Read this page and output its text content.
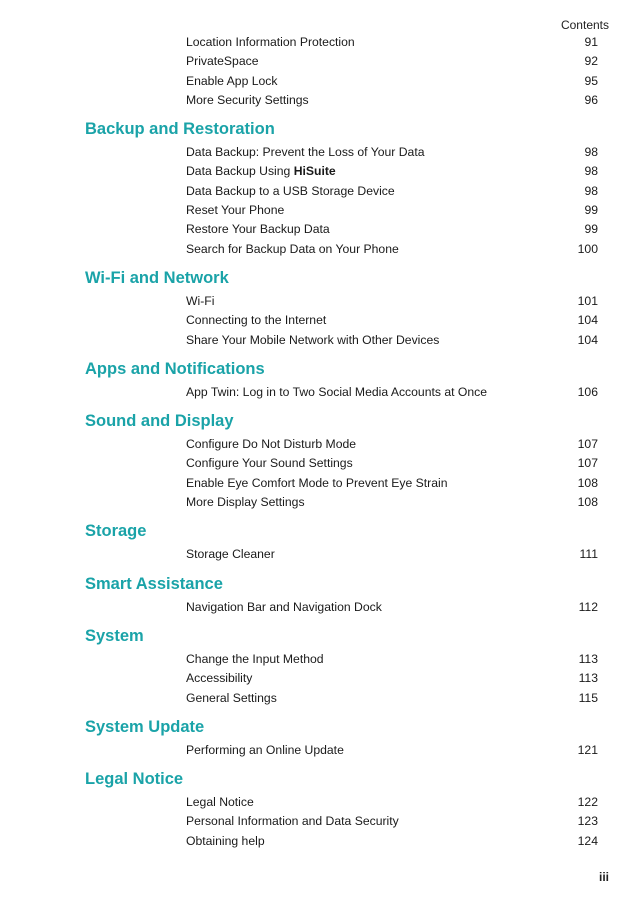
Contents
Location Information Protection	91
PrivateSpace	92
Enable App Lock	95
More Security Settings	96
Backup and Restoration
Data Backup: Prevent the Loss of Your Data	98
Data Backup Using HiSuite	98
Data Backup to a USB Storage Device	98
Reset Your Phone	99
Restore Your Backup Data	99
Search for Backup Data on Your Phone	100
Wi-Fi and Network
Wi-Fi	101
Connecting to the Internet	104
Share Your Mobile Network with Other Devices	104
Apps and Notifications
App Twin: Log in to Two Social Media Accounts at Once	106
Sound and Display
Configure Do Not Disturb Mode	107
Configure Your Sound Settings	107
Enable Eye Comfort Mode to Prevent Eye Strain	108
More Display Settings	108
Storage
Storage Cleaner	111
Smart Assistance
Navigation Bar and Navigation Dock	112
System
Change the Input Method	113
Accessibility	113
General Settings	115
System Update
Performing an Online Update	121
Legal Notice
Legal Notice	122
Personal Information and Data Security	123
Obtaining help	124
iii
